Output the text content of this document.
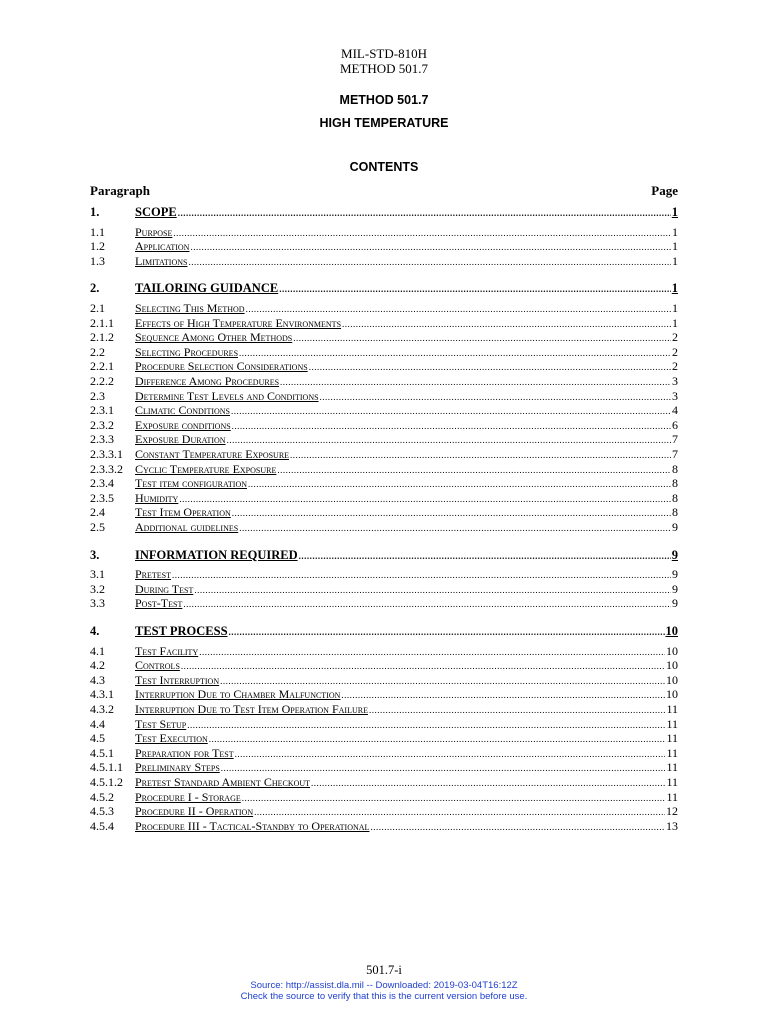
MIL-STD-810H
METHOD 501.7
METHOD 501.7
HIGH TEMPERATURE
CONTENTS
Paragraph	Page
1.	SCOPE .....	1
1.1	Purpose .....	1
1.2	Application .....	1
1.3	Limitations .....	1
2.	TAILORING GUIDANCE .....	1
2.1	Selecting This Method .....	1
2.1.1	Effects of High Temperature Environments .....	1
2.1.2	Sequence Among Other Methods .....	2
2.2	Selecting Procedures .....	2
2.2.1	Procedure Selection Considerations .....	2
2.2.2	Difference Among Procedures .....	3
2.3	Determine Test Levels and Conditions .....	3
2.3.1	Climatic Conditions .....	4
2.3.2	Exposure conditions .....	6
2.3.3	Exposure Duration .....	7
2.3.3.1	Constant Temperature Exposure .....	7
2.3.3.2	Cyclic Temperature Exposure .....	8
2.3.4	Test item configuration .....	8
2.3.5	Humidity .....	8
2.4	Test Item Operation .....	8
2.5	Additional guidelines .....	9
3.	INFORMATION REQUIRED .....	9
3.1	Pretest .....	9
3.2	During Test .....	9
3.3	Post-Test .....	9
4.	TEST PROCESS .....	10
4.1	Test Facility .....	10
4.2	Controls .....	10
4.3	Test Interruption .....	10
4.3.1	Interruption Due to Chamber Malfunction .....	10
4.3.2	Interruption Due to Test Item Operation Failure .....	11
4.4	Test Setup .....	11
4.5	Test Execution .....	11
4.5.1	Preparation for Test .....	11
4.5.1.1	Preliminary Steps .....	11
4.5.1.2	Pretest Standard Ambient Checkout .....	11
4.5.2	Procedure I - Storage .....	11
4.5.3	Procedure II - Operation .....	12
4.5.4	Procedure III - Tactical-Standby to Operational .....	13
501.7-i
Source: http://assist.dla.mil -- Downloaded: 2019-03-04T16:12Z
Check the source to verify that this is the current version before use.
